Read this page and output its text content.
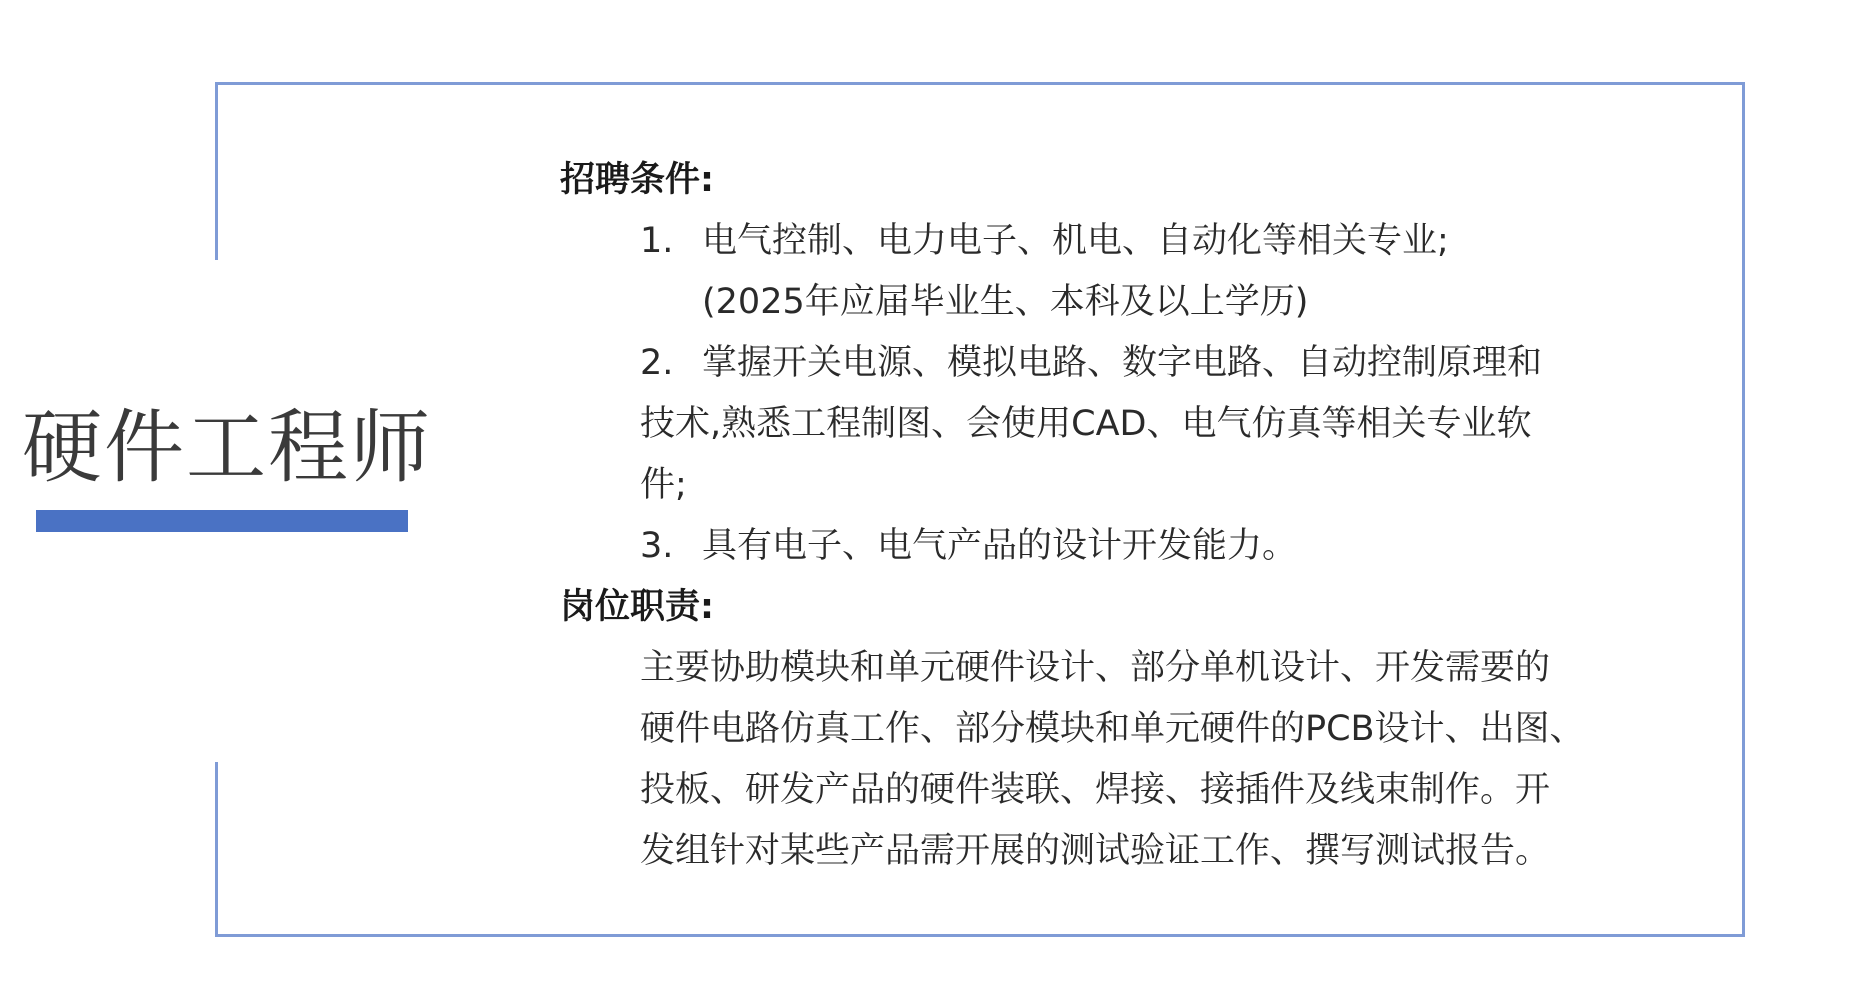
硬件工程师
招聘条件:
1. 电气控制、电力电子、机电、自动化等相关专业;
(2025年应届毕业生、本科及以上学历)
2. 掌握开关电源、模拟电路、数字电路、自动控制原理和
技术,熟悉工程制图、会使用CAD、电气仿真等相关专业软
件;
3. 具有电子、电气产品的设计开发能力。
岗位职责:
主要协助模块和单元硬件设计、部分单机设计、开发需要的
硬件电路仿真工作、部分模块和单元硬件的PCB设计、出图、
投板、研发产品的硬件装联、焊接、接插件及线束制作。开
发组针对某些产品需开展的测试验证工作、撰写测试报告。
